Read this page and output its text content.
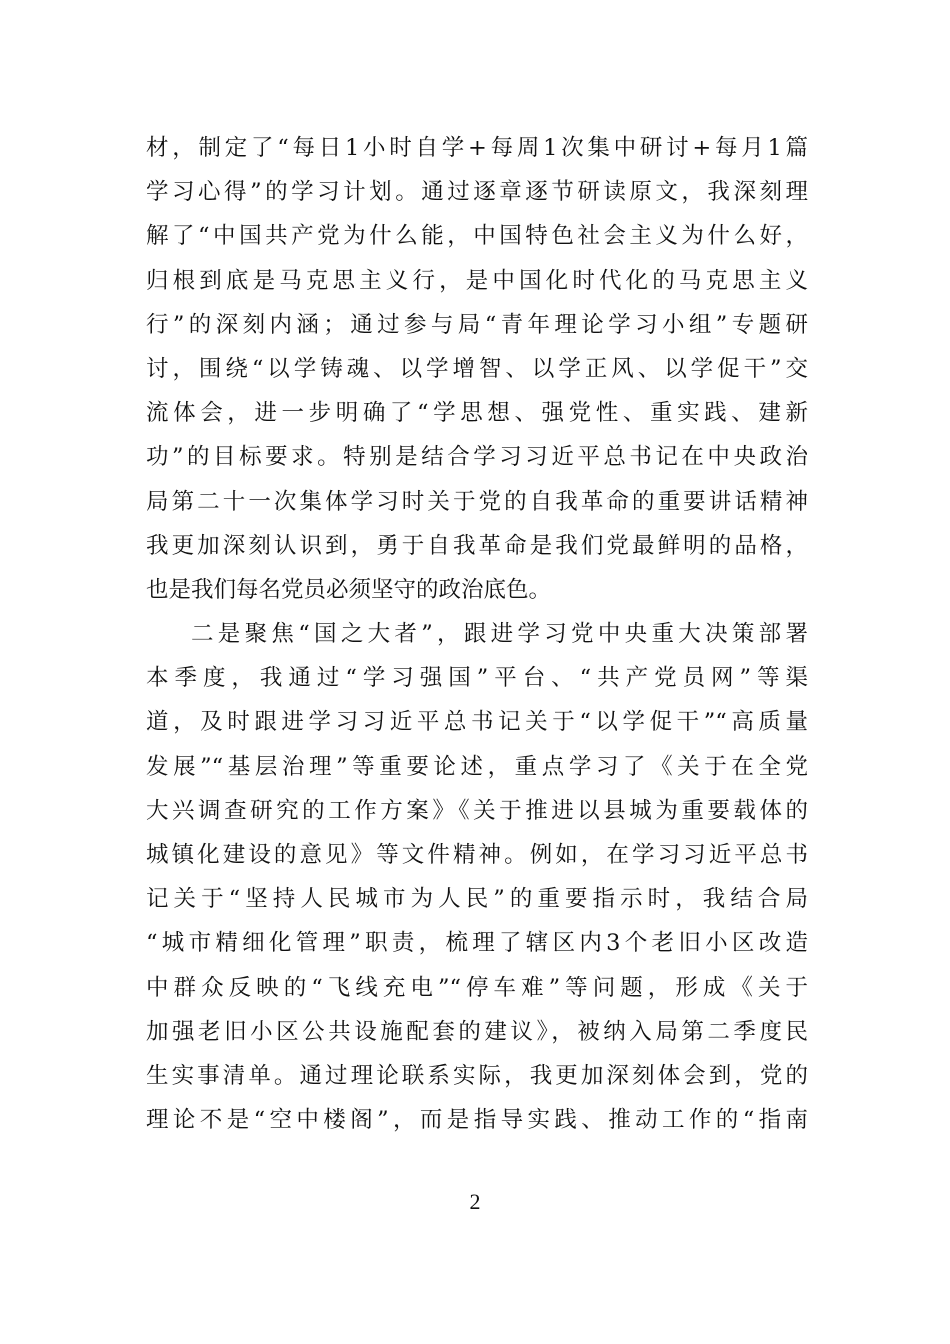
材，制定了“每日1小时自学+每周1次集中研讨+每月1篇
学习心得”的学习计划。通过逐章逐节研读原文，我深刻理
解了“中国共产党为什么能，中国特色社会主义为什么好，
归根到底是马克思主义行，是中国化时代化的马克思主义
行”的深刻内涵；通过参与局“青年理论学习小组”专题研
讨，围绕“以学铸魂、以学增智、以学正风、以学促干”交
流体会，进一步明确了“学思想、强党性、重实践、建新
功”的目标要求。特别是结合学习习近平总书记在中央政治
局第二十一次集体学习时关于党的自我革命的重要讲话精神
我更加深刻认识到，勇于自我革命是我们党最鲜明的品格，
也是我们每名党员必须坚守的政治底色。
二是聚焦“国之大者”，跟进学习党中央重大决策部署
本季度，我通过“学习强国”平台、“共产党员网”等渠
道，及时跟进学习习近平总书记关于“以学促干”“高质量
发展”“基层治理”等重要论述，重点学习了《关于在全党
大兴调查研究的工作方案》《关于推进以县城为重要载体的
城镇化建设的意见》等文件精神。例如，在学习习近平总书
记关于“坚持人民城市为人民”的重要指示时，我结合局
“城市精细化管理”职责，梳理了辖区内3个老旧小区改造
中群众反映的“飞线充电”“停车难”等问题，形成《关于
加强老旧小区公共设施配套的建议》，被纳入局第二季度民
生实事清单。通过理论联系实际，我更加深刻体会到，党的
理论不是“空中楼阁”，而是指导实践、推动工作的“指南
2
